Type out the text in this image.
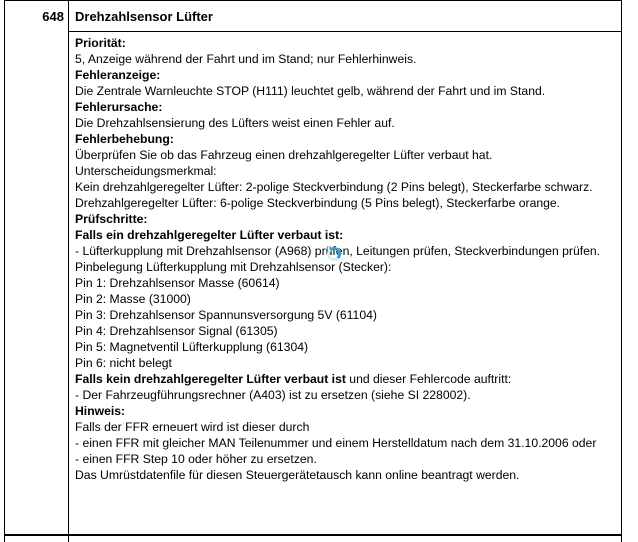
648 Drehzahlsensor Lüfter

Priorität:

5, Anzeige während der Fahrt und im Stand; nur Fehlerhinweis.

Fehleranzeige:

Die Zentrale Warnleuchte STOP (H111) leuchtet gelb, während der Fahrt und im Stand.

Fehlerursache:

Die Drehzahlsensierung des Lüfters weist einen Fehler auf.

Fehlerbehebung:

Überprüfen Sie ob das Fahrzeug einen drehzahlgeregelter Lüfter verbaut hat.

Unterscheidungsmerkmal:

Kein drehzahlgeregelter Lüfter: 2-polige Steckverbindung (2 Pins belegt), Steckerfarbe schwarz.

Drehzahlgeregelter Lüfter: 6-polige Steckverbindung (5 Pins belegt), Steckerfarbe orange.

Prüfschritte:

Falls ein drehzahlgeregelter Lüfter verbaut ist:

- Lüfterkupplung mit Drehzahlsensor (A968) prüfen, Leitungen prüfen, Steckverbindungen prüfen.

Pinbelegung Lüfterkupplung mit Drehzahlsensor (Stecker):

Pin 1: Drehzahlsensor Masse (60614)

Pin 2: Masse (31000)

Pin 3: Drehzahlsensor Spannunsversorgung 5V (61104)

Pin 4: Drehzahlsensor Signal (61305)

Pin 5: Magnetventil Lüfterkupplung (61304)

Pin 6: nicht belegt

Falls kein drehzahlgeregelter Lüfter verbaut ist und dieser Fehlercode auftritt:

- Der Fahrzeugführungsrechner (A403) ist zu ersetzen (siehe SI 228002).

Hinweis:

Falls der FFR erneuert wird ist dieser durch

- einen FFR mit gleicher MAN Teilenummer und einem Herstelldatum nach dem 31.10.2006 oder

- einen FFR Step 10 oder höher zu ersetzen.

Das Umrüstdatenfile für diesen Steuergerätetausch kann online beantragt werden.
